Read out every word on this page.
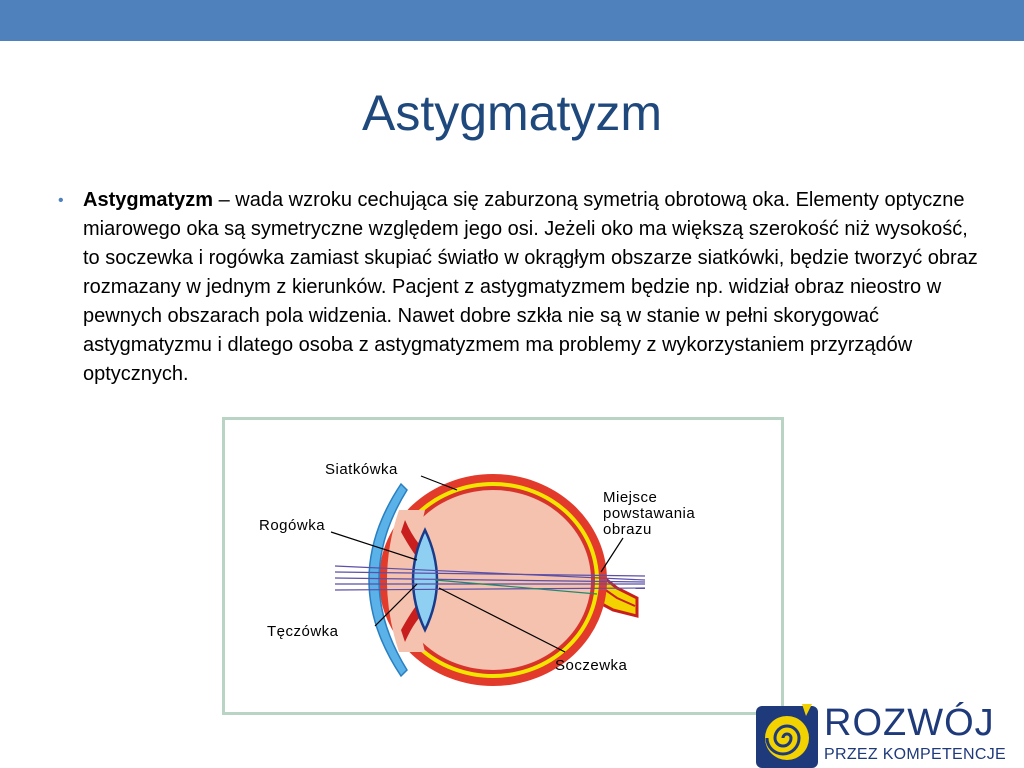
Astygmatyzm
• Astygmatyzm – wada wzroku cechująca się zaburzoną symetrią obrotową oka. Elementy optyczne miarowego oka są symetryczne względem jego osi. Jeżeli oko ma większą szerokość niż wysokość, to soczewka i rogówka zamiast skupiać światło w okrągłym obszarze siatkówki, będzie tworzyć obraz rozmazany w jednym z kierunków. Pacjent z astygmatyzmem będzie np. widział obraz nieostro w pewnych obszarach pola widzenia. Nawet dobre szkła nie są w stanie w pełni skorygować astygmatyzmu i dlatego osoba z astygmatyzmem ma problemy z wykorzystaniem przyrządów optycznych.
Siatkówka
Rogówka
Tęczówka
Soczewka
Miejsce
powstawania
obrazu
ROZWÓJ
PRZEZ KOMPETENCJE
